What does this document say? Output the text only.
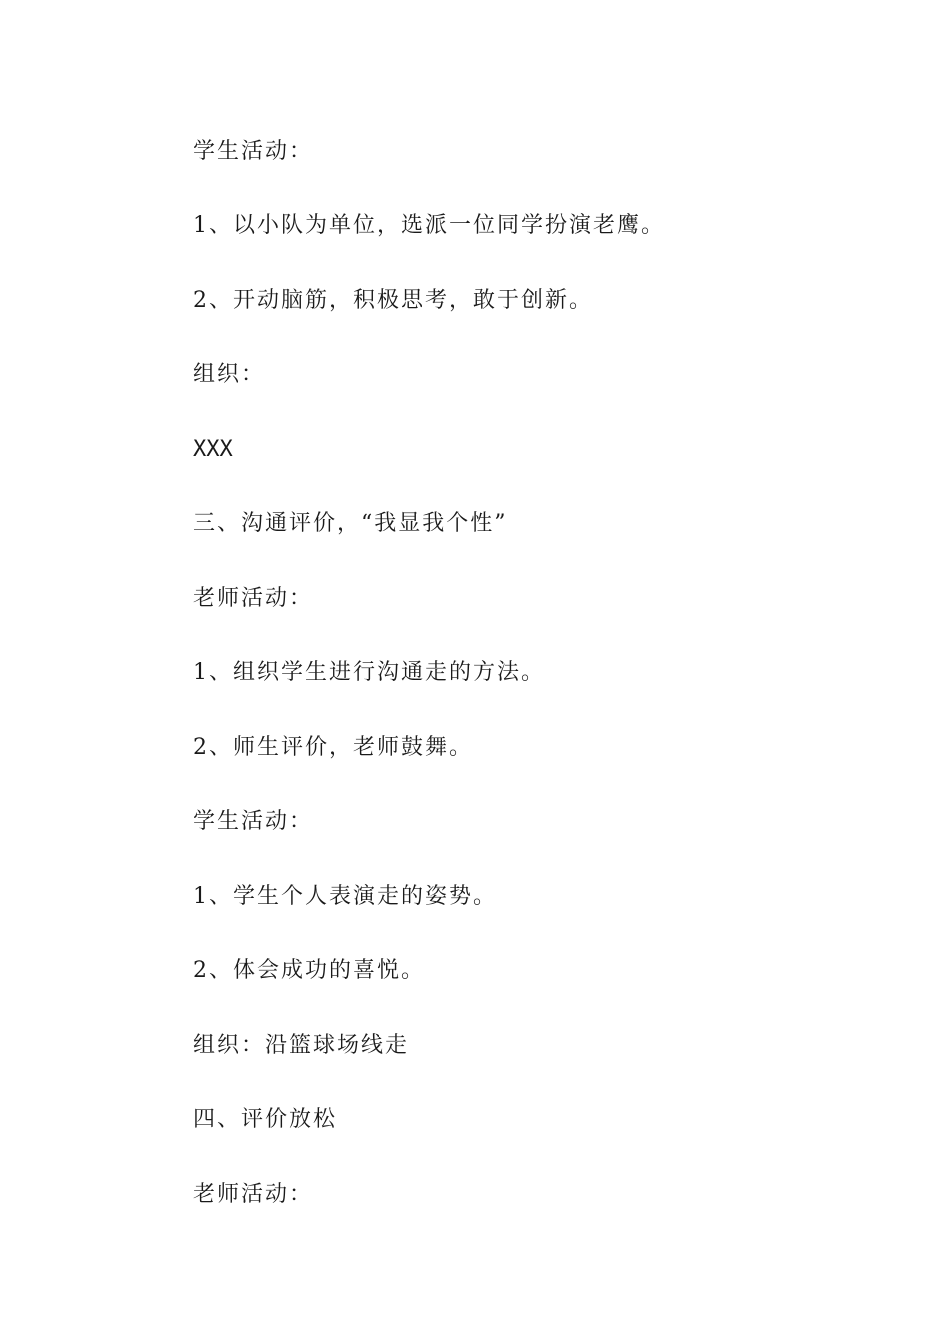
学生活动：
1、以小队为单位，选派一位同学扮演老鹰。
2、开动脑筋，积极思考，敢于创新。
组织：
XXX
三、沟通评价，“我显我个性”
老师活动：
1、组织学生进行沟通走的方法。
2、师生评价，老师鼓舞。
学生活动：
1、学生个人表演走的姿势。
2、体会成功的喜悦。
组织：沿篮球场线走
四、评价放松
老师活动：
